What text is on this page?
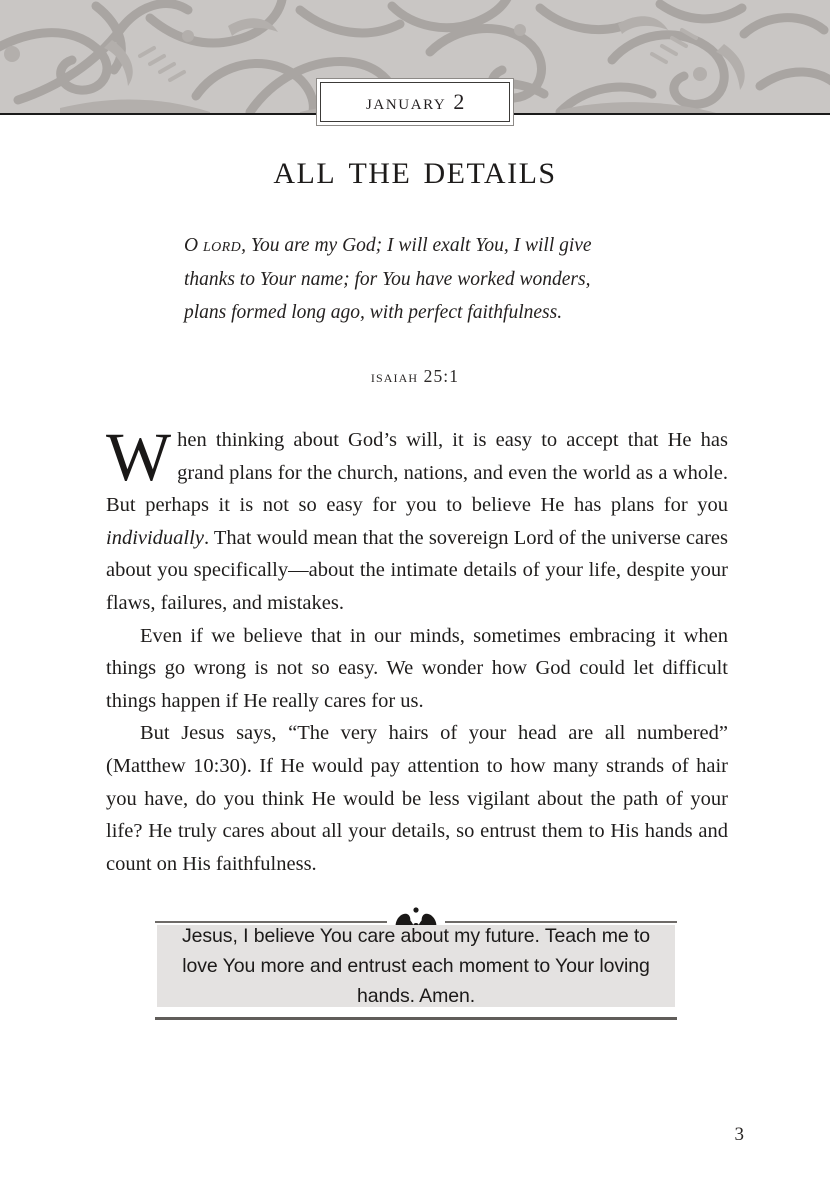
january 2
all the details
O lord, You are my God; I will exalt You, I will give thanks to Your name; for You have worked wonders, plans formed long ago, with perfect faithfulness.
isaiah 25:1

When thinking about God’s will, it is easy to accept that He has grand plans for the church, nations, and even the world as a whole. But perhaps it is not so easy for you to believe He has plans for you individually. That would mean that the sovereign Lord of the universe cares about you specifically—about the intimate details of your life, despite your flaws, failures, and mistakes.

Even if we believe that in our minds, sometimes embracing it when things go wrong is not so easy. We wonder how God could let difficult things happen if He really cares for us.

But Jesus says, “The very hairs of your head are all numbered” (Matthew 10:30). If He would pay attention to how many strands of hair you have, do you think He would be less vigilant about the path of your life? He truly cares about all your details, so entrust them to His hands and count on His faithfulness.

Jesus, I believe You care about my future. Teach me to love You more and entrust each moment to Your loving hands. Amen.
3
